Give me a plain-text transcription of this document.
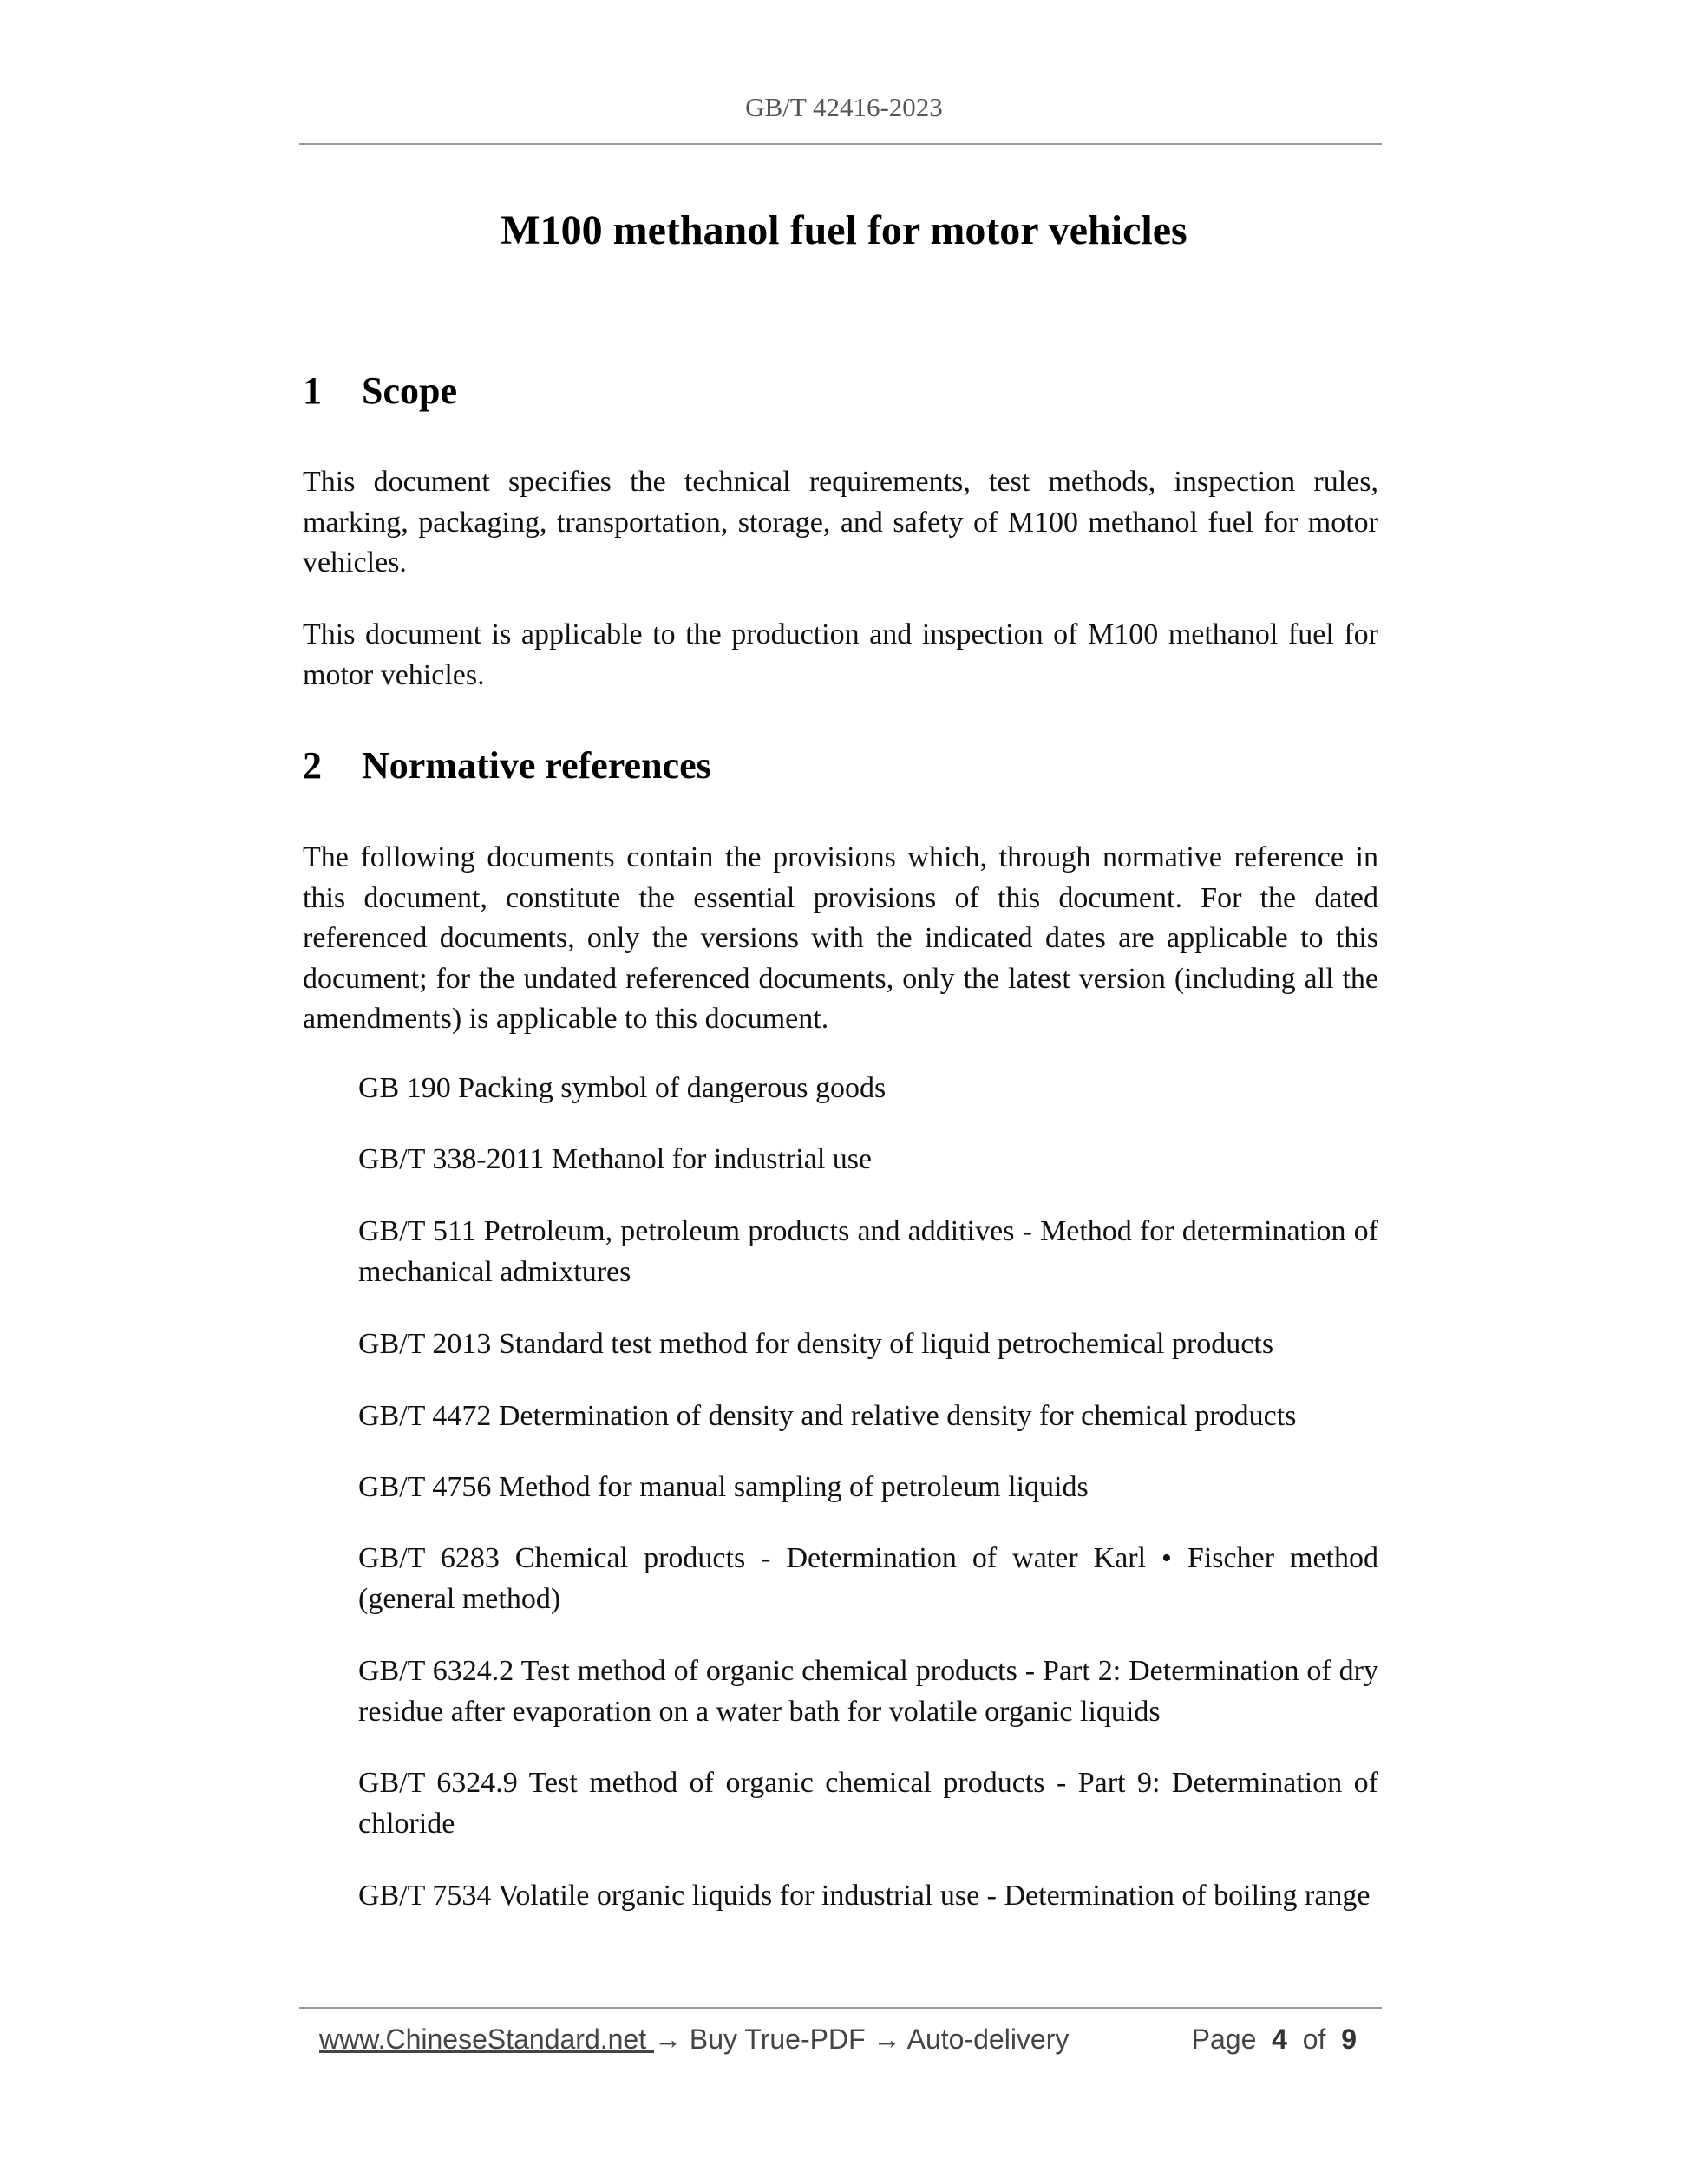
GB/T 42416-2023
M100 methanol fuel for motor vehicles
1	Scope
This document specifies the technical requirements, test methods, inspection rules, marking, packaging, transportation, storage, and safety of M100 methanol fuel for motor vehicles.
This document is applicable to the production and inspection of M100 methanol fuel for motor vehicles.
2	Normative references
The following documents contain the provisions which, through normative reference in this document, constitute the essential provisions of this document. For the dated referenced documents, only the versions with the indicated dates are applicable to this document; for the undated referenced documents, only the latest version (including all the amendments) is applicable to this document.
GB 190 Packing symbol of dangerous goods
GB/T 338-2011 Methanol for industrial use
GB/T 511 Petroleum, petroleum products and additives - Method for determination of mechanical admixtures
GB/T 2013 Standard test method for density of liquid petrochemical products
GB/T 4472 Determination of density and relative density for chemical products
GB/T 4756 Method for manual sampling of petroleum liquids
GB/T 6283 Chemical products - Determination of water Karl • Fischer method (general method)
GB/T 6324.2 Test method of organic chemical products - Part 2: Determination of dry residue after evaporation on a water bath for volatile organic liquids
GB/T 6324.9 Test method of organic chemical products - Part 9: Determination of chloride
GB/T 7534 Volatile organic liquids for industrial use - Determination of boiling range
www.ChineseStandard.net → Buy True-PDF → Auto-delivery	Page 4 of 9
